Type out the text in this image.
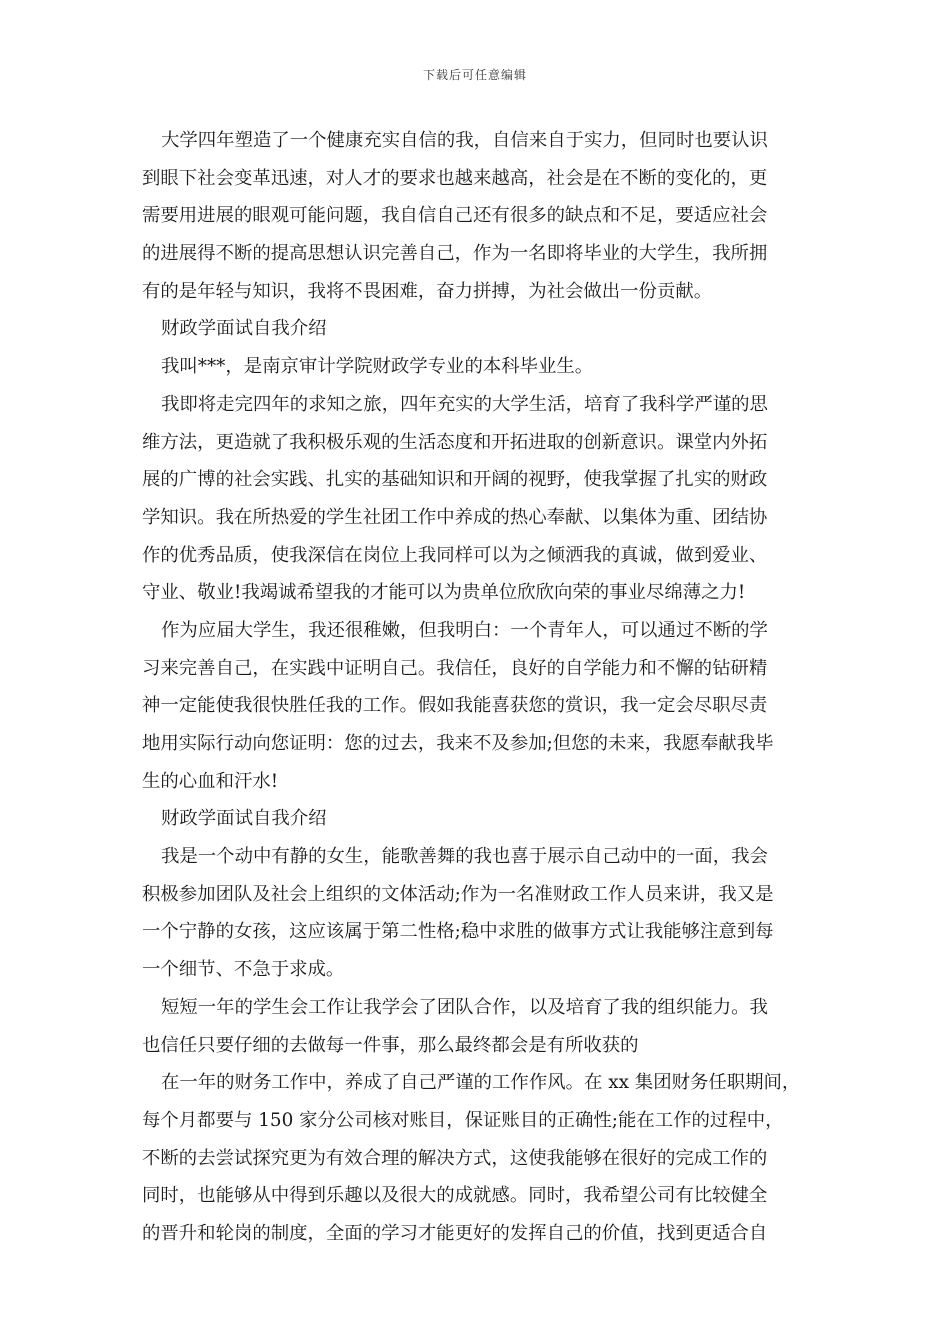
下载后可任意编辑
大学四年塑造了一个健康充实自信的我，自信来自于实力，但同时也要认识
到眼下社会变革迅速，对人才的要求也越来越高，社会是在不断的变化的，更
需要用进展的眼观可能问题，我自信自己还有很多的缺点和不足，要适应社会
的进展得不断的提高思想认识完善自己，作为一名即将毕业的大学生，我所拥
有的是年轻与知识，我将不畏困难，奋力拼搏，为社会做出一份贡献。
财政学面试自我介绍
我叫***，是南京审计学院财政学专业的本科毕业生。
我即将走完四年的求知之旅，四年充实的大学生活，培育了我科学严谨的思
维方法，更造就了我积极乐观的生活态度和开拓进取的创新意识。课堂内外拓
展的广博的社会实践、扎实的基础知识和开阔的视野，使我掌握了扎实的财政
学知识。我在所热爱的学生社团工作中养成的热心奉献、以集体为重、团结协
作的优秀品质，使我深信在岗位上我同样可以为之倾洒我的真诚，做到爱业、
守业、敬业!我竭诚希望我的才能可以为贵单位欣欣向荣的事业尽绵薄之力!
作为应届大学生，我还很稚嫩，但我明白：一个青年人，可以通过不断的学
习来完善自己，在实践中证明自己。我信任，良好的自学能力和不懈的钻研精
神一定能使我很快胜任我的工作。假如我能喜获您的赏识，我一定会尽职尽责
地用实际行动向您证明：您的过去，我来不及参加;但您的未来，我愿奉献我毕
生的心血和汗水!
财政学面试自我介绍
我是一个动中有静的女生，能歌善舞的我也喜于展示自己动中的一面，我会
积极参加团队及社会上组织的文体活动;作为一名准财政工作人员来讲，我又是
一个宁静的女孩，这应该属于第二性格;稳中求胜的做事方式让我能够注意到每
一个细节、不急于求成。
短短一年的学生会工作让我学会了团队合作，以及培育了我的组织能力。我
也信任只要仔细的去做每一件事，那么最终都会是有所收获的
在一年的财务工作中，养成了自己严谨的工作作风。在 xx 集团财务任职期间，
每个月都要与 150 家分公司核对账目，保证账目的正确性;能在工作的过程中，
不断的去尝试探究更为有效合理的解决方式，这使我能够在很好的完成工作的
同时，也能够从中得到乐趣以及很大的成就感。同时，我希望公司有比较健全
的晋升和轮岗的制度，全面的学习才能更好的发挥自己的价值，找到更适合自
